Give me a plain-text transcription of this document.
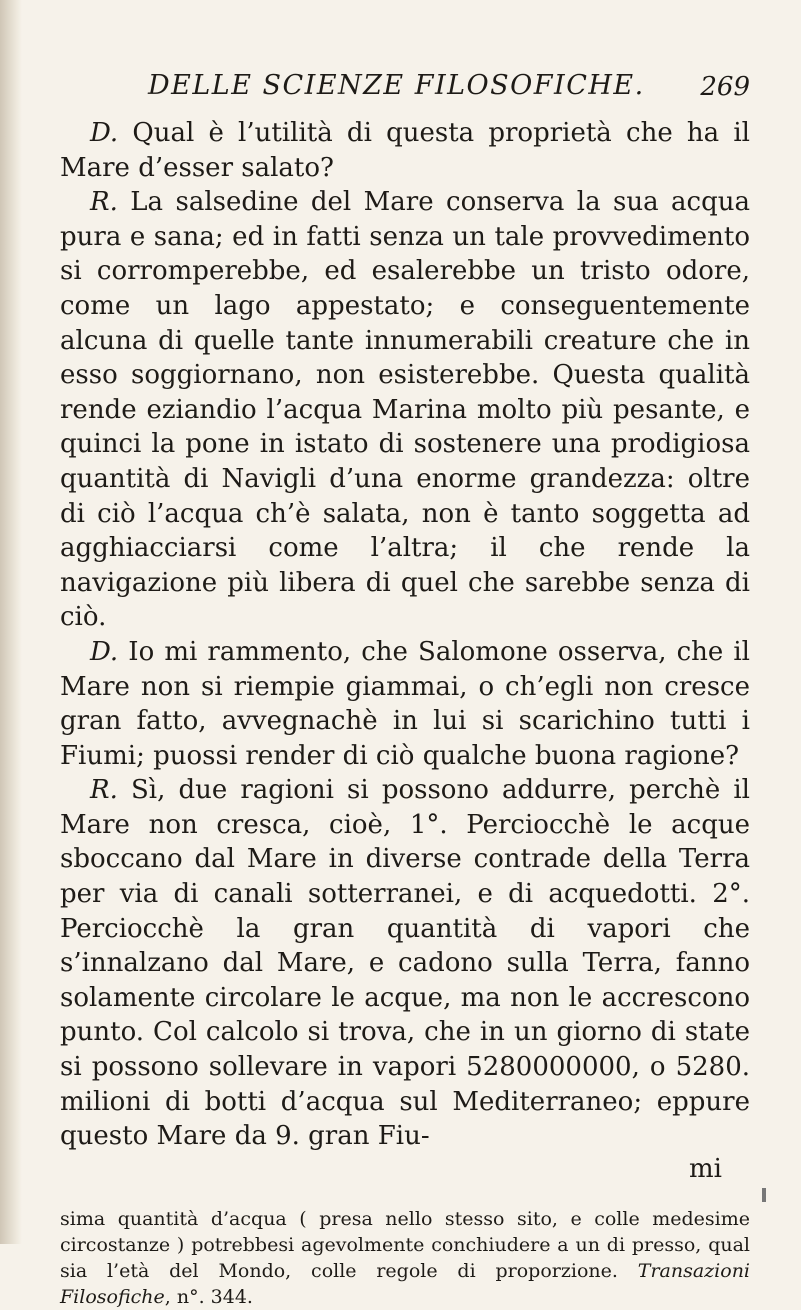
DELLE SCIENZE FILOSOFICHE. 269

D. Qual è l’utilità di questa proprietà che ha il Mare d’esser salato?

R. La salsedine del Mare conserva la sua acqua pura e sana; ed in fatti senza un tale provvedimento si corromperebbe, ed esalerebbe un tristo odore, come un lago appestato; e conseguentemente alcuna di quelle tante innumerabili creature che in esso soggiornano, non esisterebbe. Questa qualità rende eziandio l’acqua Marina molto più pesante, e quinci la pone in istato di sostenere una prodigiosa quantità di Navigli d’una enorme grandezza: oltre di ciò l’acqua ch’è salata, non è tanto soggetta ad agghiacciarsi come l’altra; il che rende la navigazione più libera di quel che sarebbe senza di ciò.

D. Io mi rammento, che Salomone osserva, che il Mare non si riempie giammai, o ch’egli non cresce gran fatto, avvegnachè in lui si scarichino tutti i Fiumi; puossi render di ciò qualche buona ragione?

R. Sì, due ragioni si possono addurre, perchè il Mare non cresca, cioè, 1°. Perciocchè le acque sboccano dal Mare in diverse contrade della Terra per via di canali sotterranei, e di acquedotti. 2°. Perciocchè la gran quantità di vapori che s’innalzano dal Mare, e cadono sulla Terra, fanno solamente circolare le acque, ma non le accrescono punto. Col calcolo si trova, che in un giorno di state si possono sollevare in vapori 5280000000, o 5280. milioni di botti d’acqua sul Mediterraneo; eppure questo Mare da 9. gran Fiu-

mi
sima quantità d’acqua ( presa nello stesso sito, e colle medesime circostanze ) potrebbesi agevolmente conchiudere a un di presso, qual sia l’età del Mondo, colle regole di proporzione. Transazioni Filosofiche, n°. 344.
